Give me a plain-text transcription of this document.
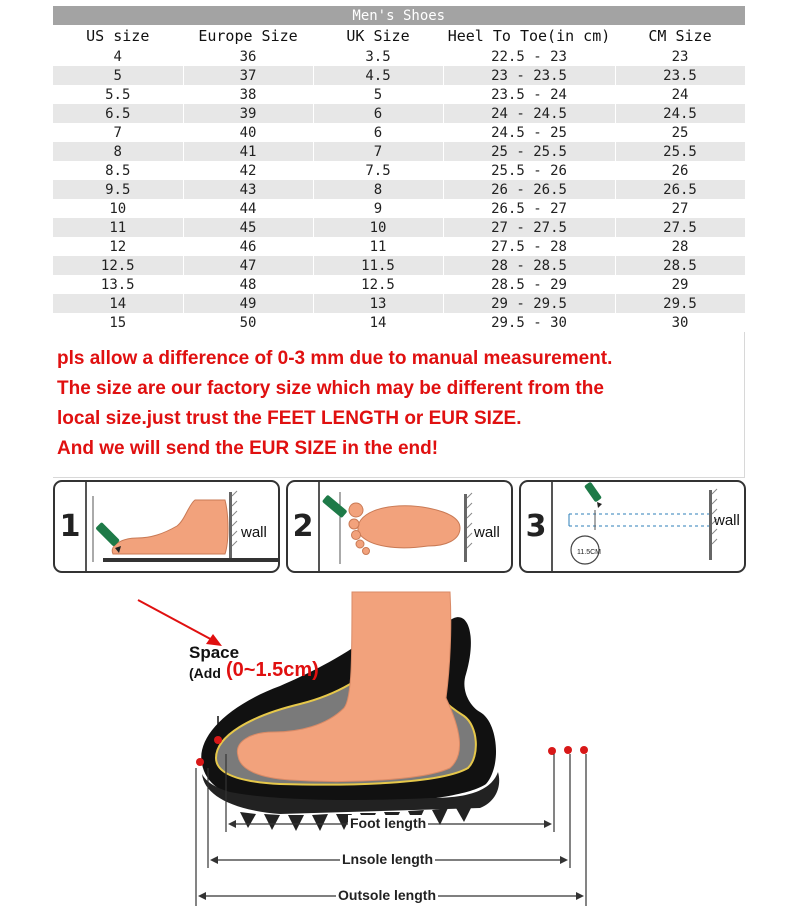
Men's Shoes				
US size	Europe Size	UK Size	Heel To Toe(in cm)	CM Size
4	36	3.5	22.5 - 23	23
5	37	4.5	23 - 23.5	23.5
5.5	38	5	23.5 - 24	24
6.5	39	6	24 - 24.5	24.5
7	40	6	24.5 - 25	25
8	41	7	25 - 25.5	25.5
8.5	42	7.5	25.5 - 26	26
9.5	43	8	26 - 26.5	26.5
10	44	9	26.5 - 27	27
11	45	10	27 - 27.5	27.5
12	46	11	27.5 - 28	28
12.5	47	11.5	28 - 28.5	28.5
13.5	48	12.5	28.5 - 29	29
14	49	13	29 - 29.5	29.5
15	50	14	29.5 - 30	30
pls allow a difference of 0-3 mm due to manual measurement.
The size are our factory size which may be different from the
local size.just trust the FEET LENGTH or EUR SIZE.
And we will send the EUR SIZE in the end!
1	wall 2	wall 3
11.5CM
wall
Space
(Add (0~1.5cm)
Foot length
Lnsole length
Outsole length
